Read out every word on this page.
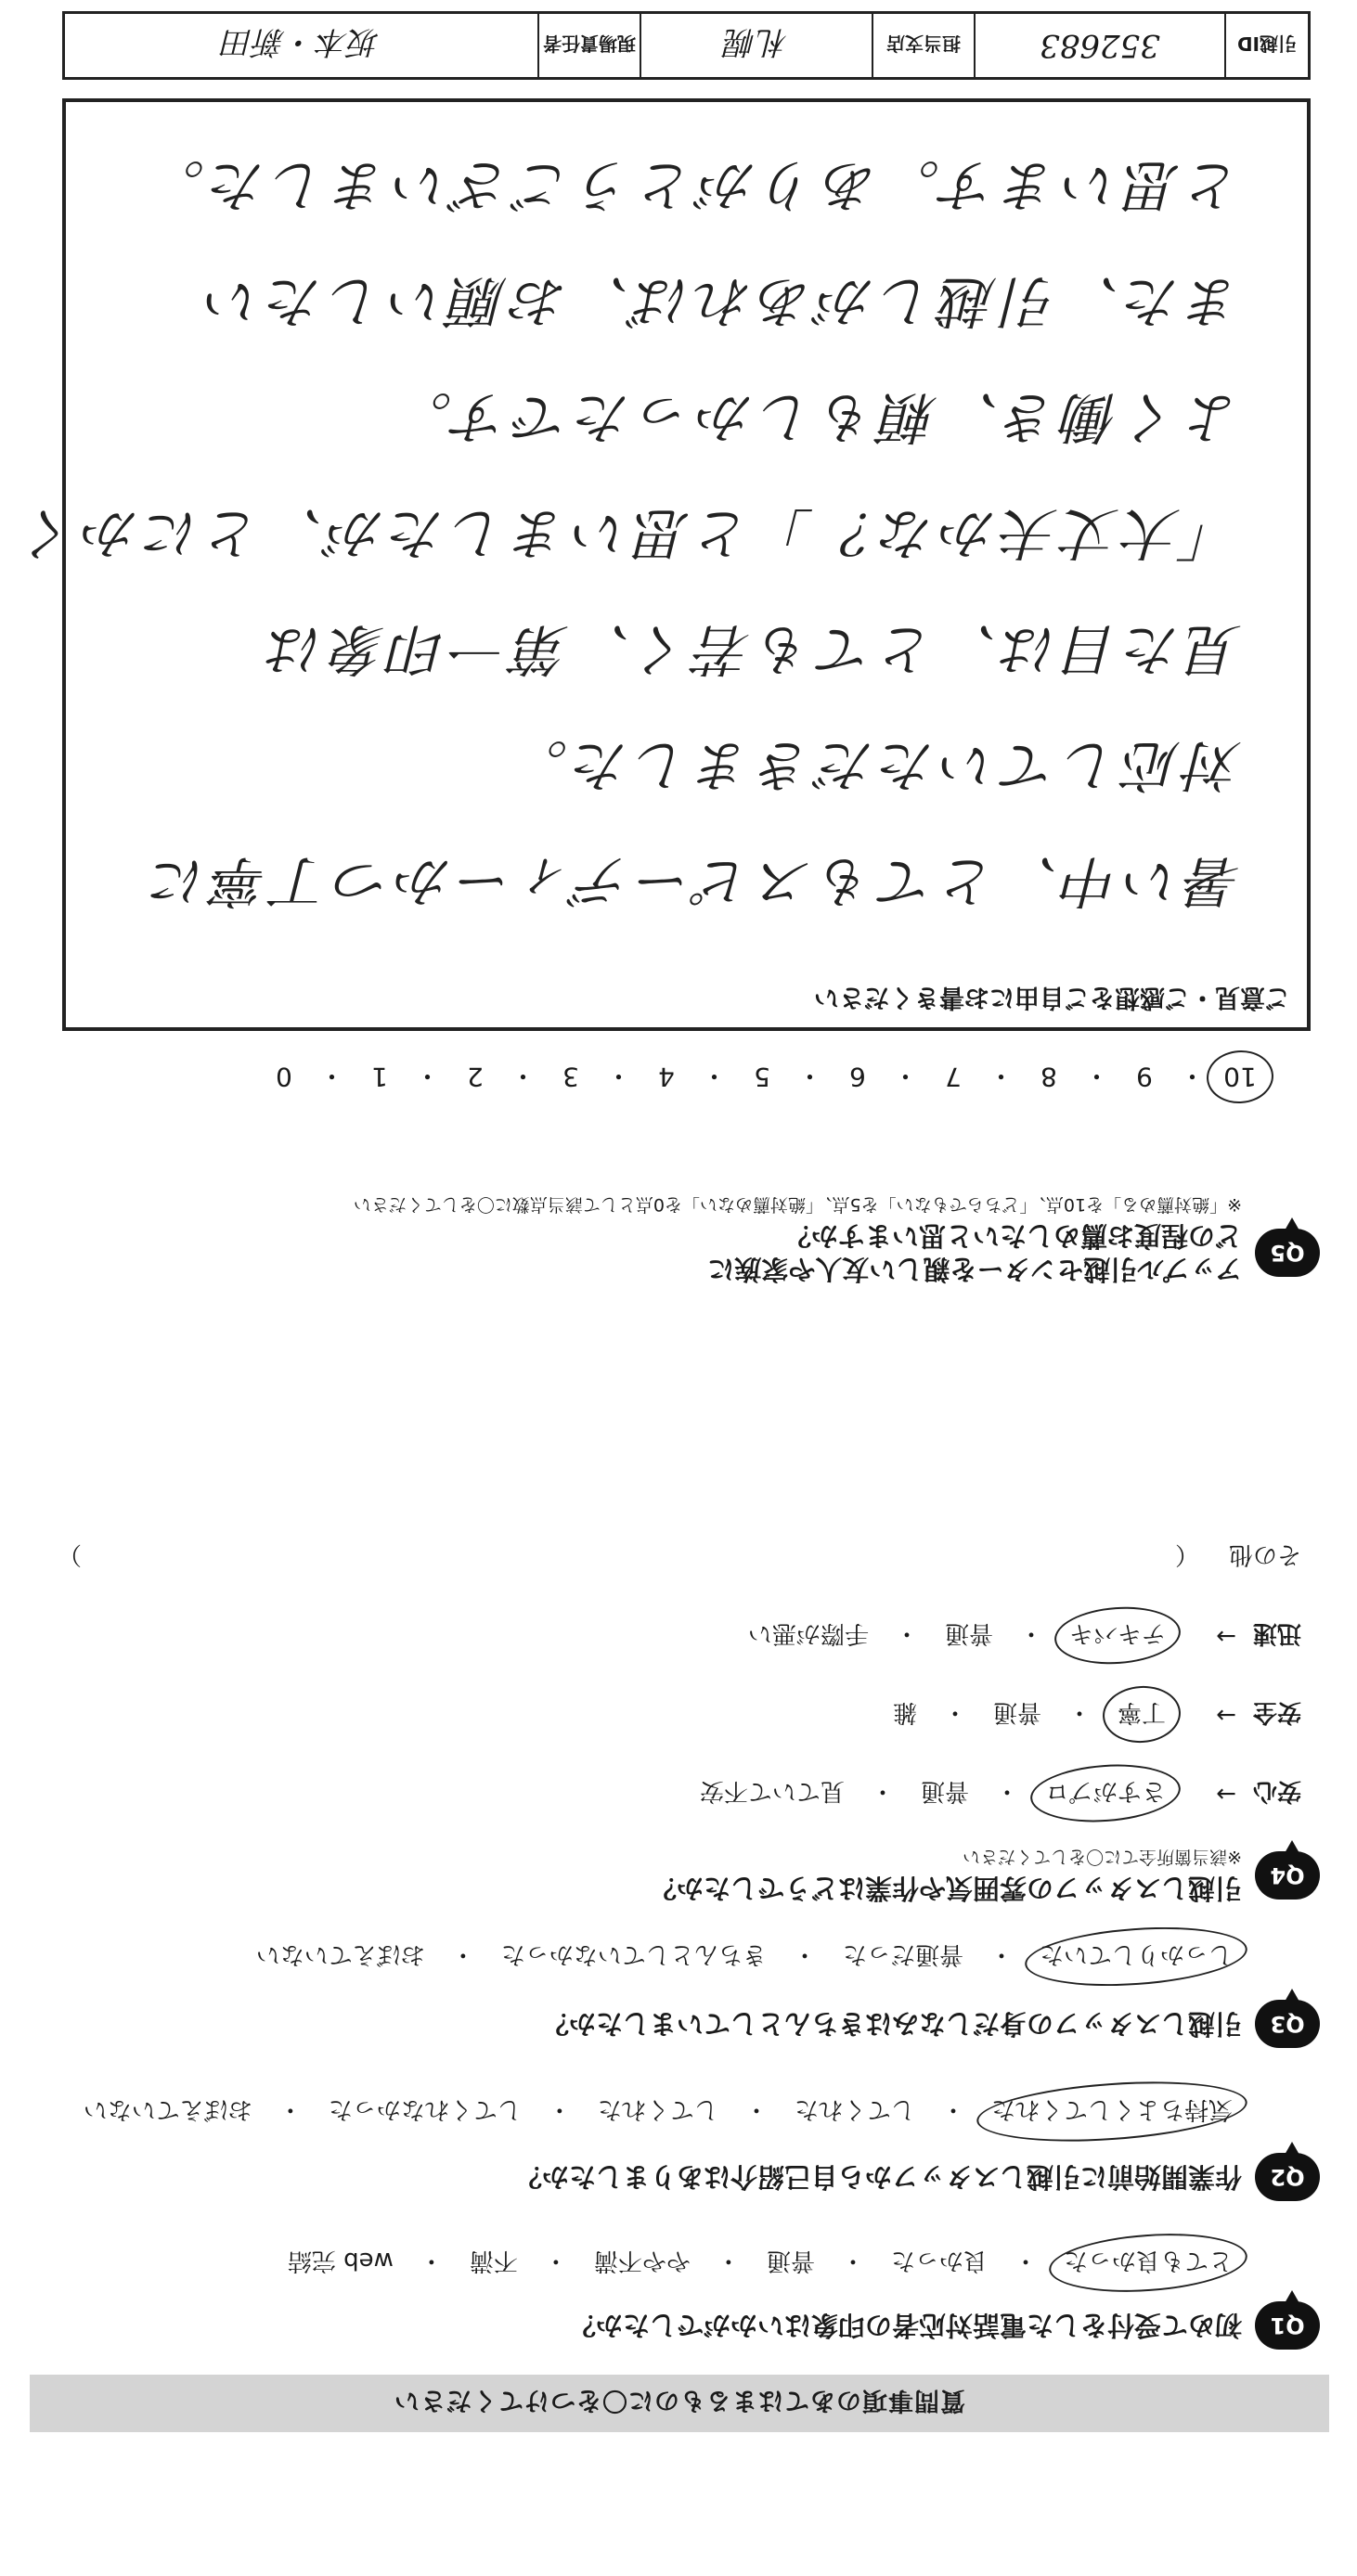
質問事項のあてはまるものに〇をつけてください
Q1
初めて受付をした電話対応者の印象はいかがでしたか？
とても良かった
・
良かった
・
普通
・
やや不満
・
不満
・
web 完結
Q2
作業開始前に引越しスタッフから自己紹介はありましたか？
気持ちよくしてくれた
・
してくれた
・
してくれた
・
してくれなかった
・
おぼえていない
Q3
引越しスタッフの身だしなみはきちんとしていましたか？
しっかりしていた
・
普通だった
・
きちんとしていなかった
・
おぼえていない
Q4
引越しスタッフの雰囲気や作業はどうでしたか？
※該当箇所全てに〇をしてください
安心
→
さすがプロ
・
普通
・
見ていて不安
安全
→
丁寧
・
普通
・
雑
迅速
→
テキパキ
・
普通
・
手際が悪い
その他
（
）
Q5
アップル引越センターを親しい友人や家族に
どの程度お薦めしたいと思いますか？
※「絶対薦める」を10点、「どちらでもない」を5点、「絶対薦めない」を0点として該当点数に〇をしてください
10
・
9
・
8
・
7
・
6
・
5
・
4
・
3
・
2
・
1
・
0
ご意見・ご感想をご自由にお書きください
暑い中、とてもスピーディーかつ丁寧に
対応していただきました。
見た目は、とても若く、第一印象は
「大丈夫かな？」と思いましたが、とにかく
よく働き、頼もしかったです。
また、引越しがあれば、お願いしたい
と思います。ありがとうございました。
引越ID
352683
担当支店
札幌
現場責任者
坂本・新田
